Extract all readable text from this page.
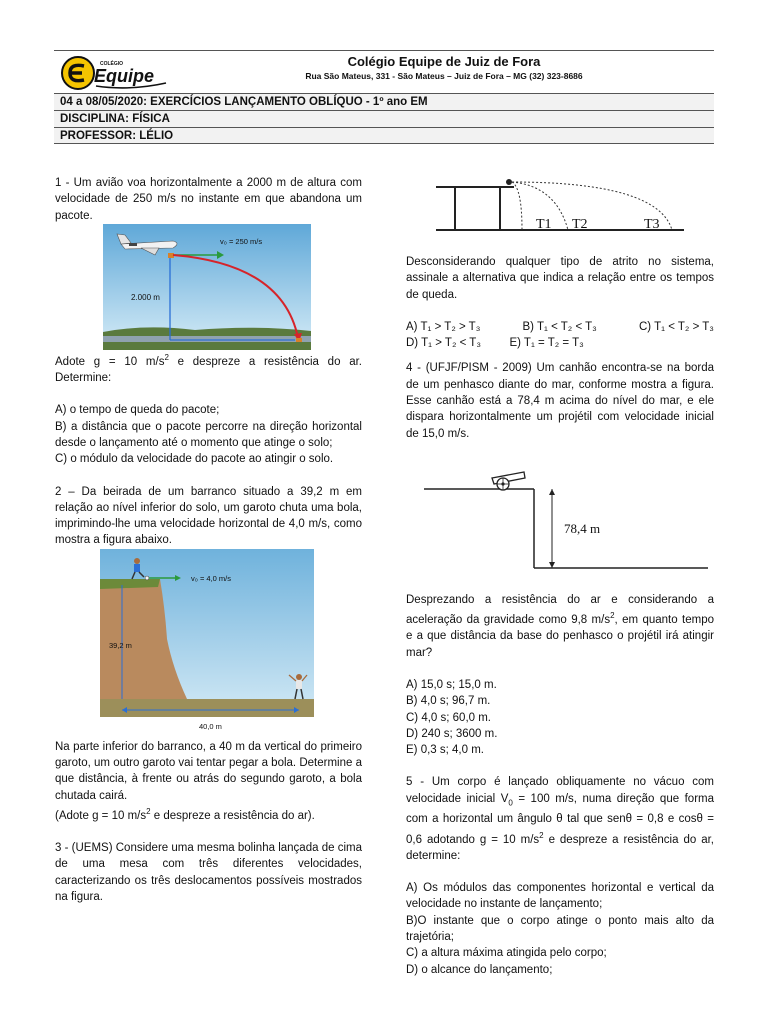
COLÉGIO
Equipe
Colégio Equipe de Juiz de Fora
Rua São Mateus, 331 - São Mateus – Juiz de Fora – MG (32) 323-8686
04 a 08/05/2020: EXERCÍCIOS LANÇAMENTO OBLÍQUO - 1º ano EM
DISCIPLINA: FÍSICA
PROFESSOR: LÉLIO

1 - Um avião voa horizontalmente a 2000 m de altura com velocidade de 250 m/s no instante em que abandona um pacote.

v₀ = 250 m/s
2.000 m

Adote g = 10 $m/s^2$ e despreze a resistência do ar. Determine:

A) o tempo de queda do pacote;

B) a distância que o pacote percorre na direção horizontal desde o lançamento até o momento que atinge o solo;

C) o módulo da velocidade do pacote ao atingir o solo.

2 – Da beirada de um barranco situado a 39,2 m em relação ao nível inferior do solo, um garoto chuta uma bola, imprimindo-lhe uma velocidade horizontal de 4,0 m/s, como mostra a figura abaixo.

v₀ = 4,0 m/s
39,2 m
40,0 m

Na parte inferior do barranco, a 40 m da vertical do primeiro garoto, um outro garoto vai tentar pegar a bola. Determine a que distância, à frente ou atrás do segundo garoto, a bola chutada cairá.

(Adote g = 10 $m/s^2$ e despreze a resistência do ar).

3 - (UEMS) Considere uma mesma bolinha lançada de cima de uma mesa com três diferentes velocidades, caracterizando os três deslocamentos possíveis mostrados na figura.

T1 T2	T3

Desconsiderando qualquer tipo de atrito no sistema, assinale a alternativa que indica a relação entre os tempos de queda.

A) T₁ > T₂ > T₃	B) T₁ < T₂ < T₃	C) T₁ < T₂ > T₃
D) T₁ > T₂ < T₃ E) T₁ = T₂ = T₃

4 - (UFJF/PISM - 2009) Um canhão encontra-se na borda de um penhasco diante do mar, conforme mostra a figura. Esse canhão está a 78,4 m acima do nível do mar, e ele dispara horizontalmente um projétil com velocidade inicial de 15,0 m/s.

78,4 m

Desprezando a resistência do ar e considerando a aceleração da gravidade como 9,8 $m/s^2$, em quanto tempo e a que distância da base do penhasco o projétil irá atingir mar?

A) 15,0 s; 15,0 m.

B) 4,0 s; 96,7 m.

C) 4,0 s; 60,0 m.

D) 240 s; 3600 m.

E) 0,3 s; 4,0 m.

5 - Um corpo é lançado obliquamente no vácuo com velocidade inicial $V_0 = 100$ m/s, numa direção que forma com a horizontal um ângulo θ tal que senθ = 0,8 e cosθ = 0,6 adotando g = 10 $m/s^2$ e despreze a resistência do ar, determine:

A) Os módulos das componentes horizontal e vertical da velocidade no instante de lançamento;

B)O instante que o corpo atinge o ponto mais alto da trajetória;

C) a altura máxima atingida pelo corpo;

D) o alcance do lançamento;
